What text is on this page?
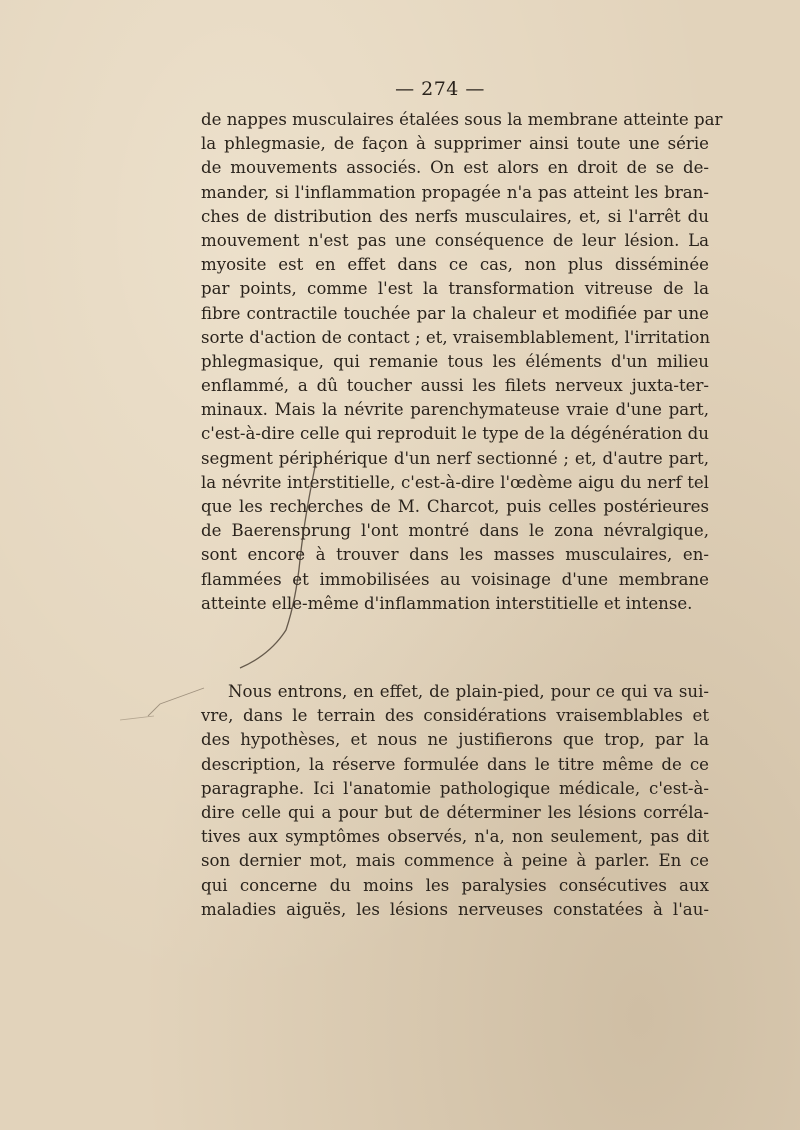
— 274 —
de nappes musculaires étalées sous la membrane atteinte par
la phlegmasie, de façon à supprimer ainsi toute une série
de mouvements associés. On est alors en droit de se de-
mander, si l'inflammation propagée n'a pas atteint les bran-
ches de distribution des nerfs musculaires, et, si l'arrêt du
mouvement n'est pas une conséquence de leur lésion. La
myosite est en effet dans ce cas, non plus disséminée
par points, comme l'est la transformation vitreuse de la
fibre contractile touchée par la chaleur et modifiée par une
sorte d'action de contact ; et, vraisemblablement, l'irritation
phlegmasique, qui remanie tous les éléments d'un milieu
enflammé, a dû toucher aussi les filets nerveux juxta-ter-
minaux. Mais la névrite parenchymateuse vraie d'une part,
c'est-à-dire celle qui reproduit le type de la dégénération du
segment périphérique d'un nerf sectionné ; et, d'autre part,
la névrite interstitielle, c'est-à-dire l'œdème aigu du nerf tel
que les recherches de M. Charcot, puis celles postérieures
de Baerensprung l'ont montré dans le zona névralgique,
sont encore à trouver dans les masses musculaires, en-
flammées et immobilisées au voisinage d'une membrane
atteinte elle-même d'inflammation interstitielle et intense.
Nous entrons, en effet, de plain-pied, pour ce qui va sui-
vre, dans le terrain des considérations vraisemblables et
des hypothèses, et nous ne justifierons que trop, par la
description, la réserve formulée dans le titre même de ce
paragraphe. Ici l'anatomie pathologique médicale, c'est-à-
dire celle qui a pour but de déterminer les lésions corréla-
tives aux symptômes observés, n'a, non seulement, pas dit
son dernier mot, mais commence à peine à parler. En ce
qui concerne du moins les paralysies consécutives aux
maladies aiguës, les lésions nerveuses constatées à l'au-
